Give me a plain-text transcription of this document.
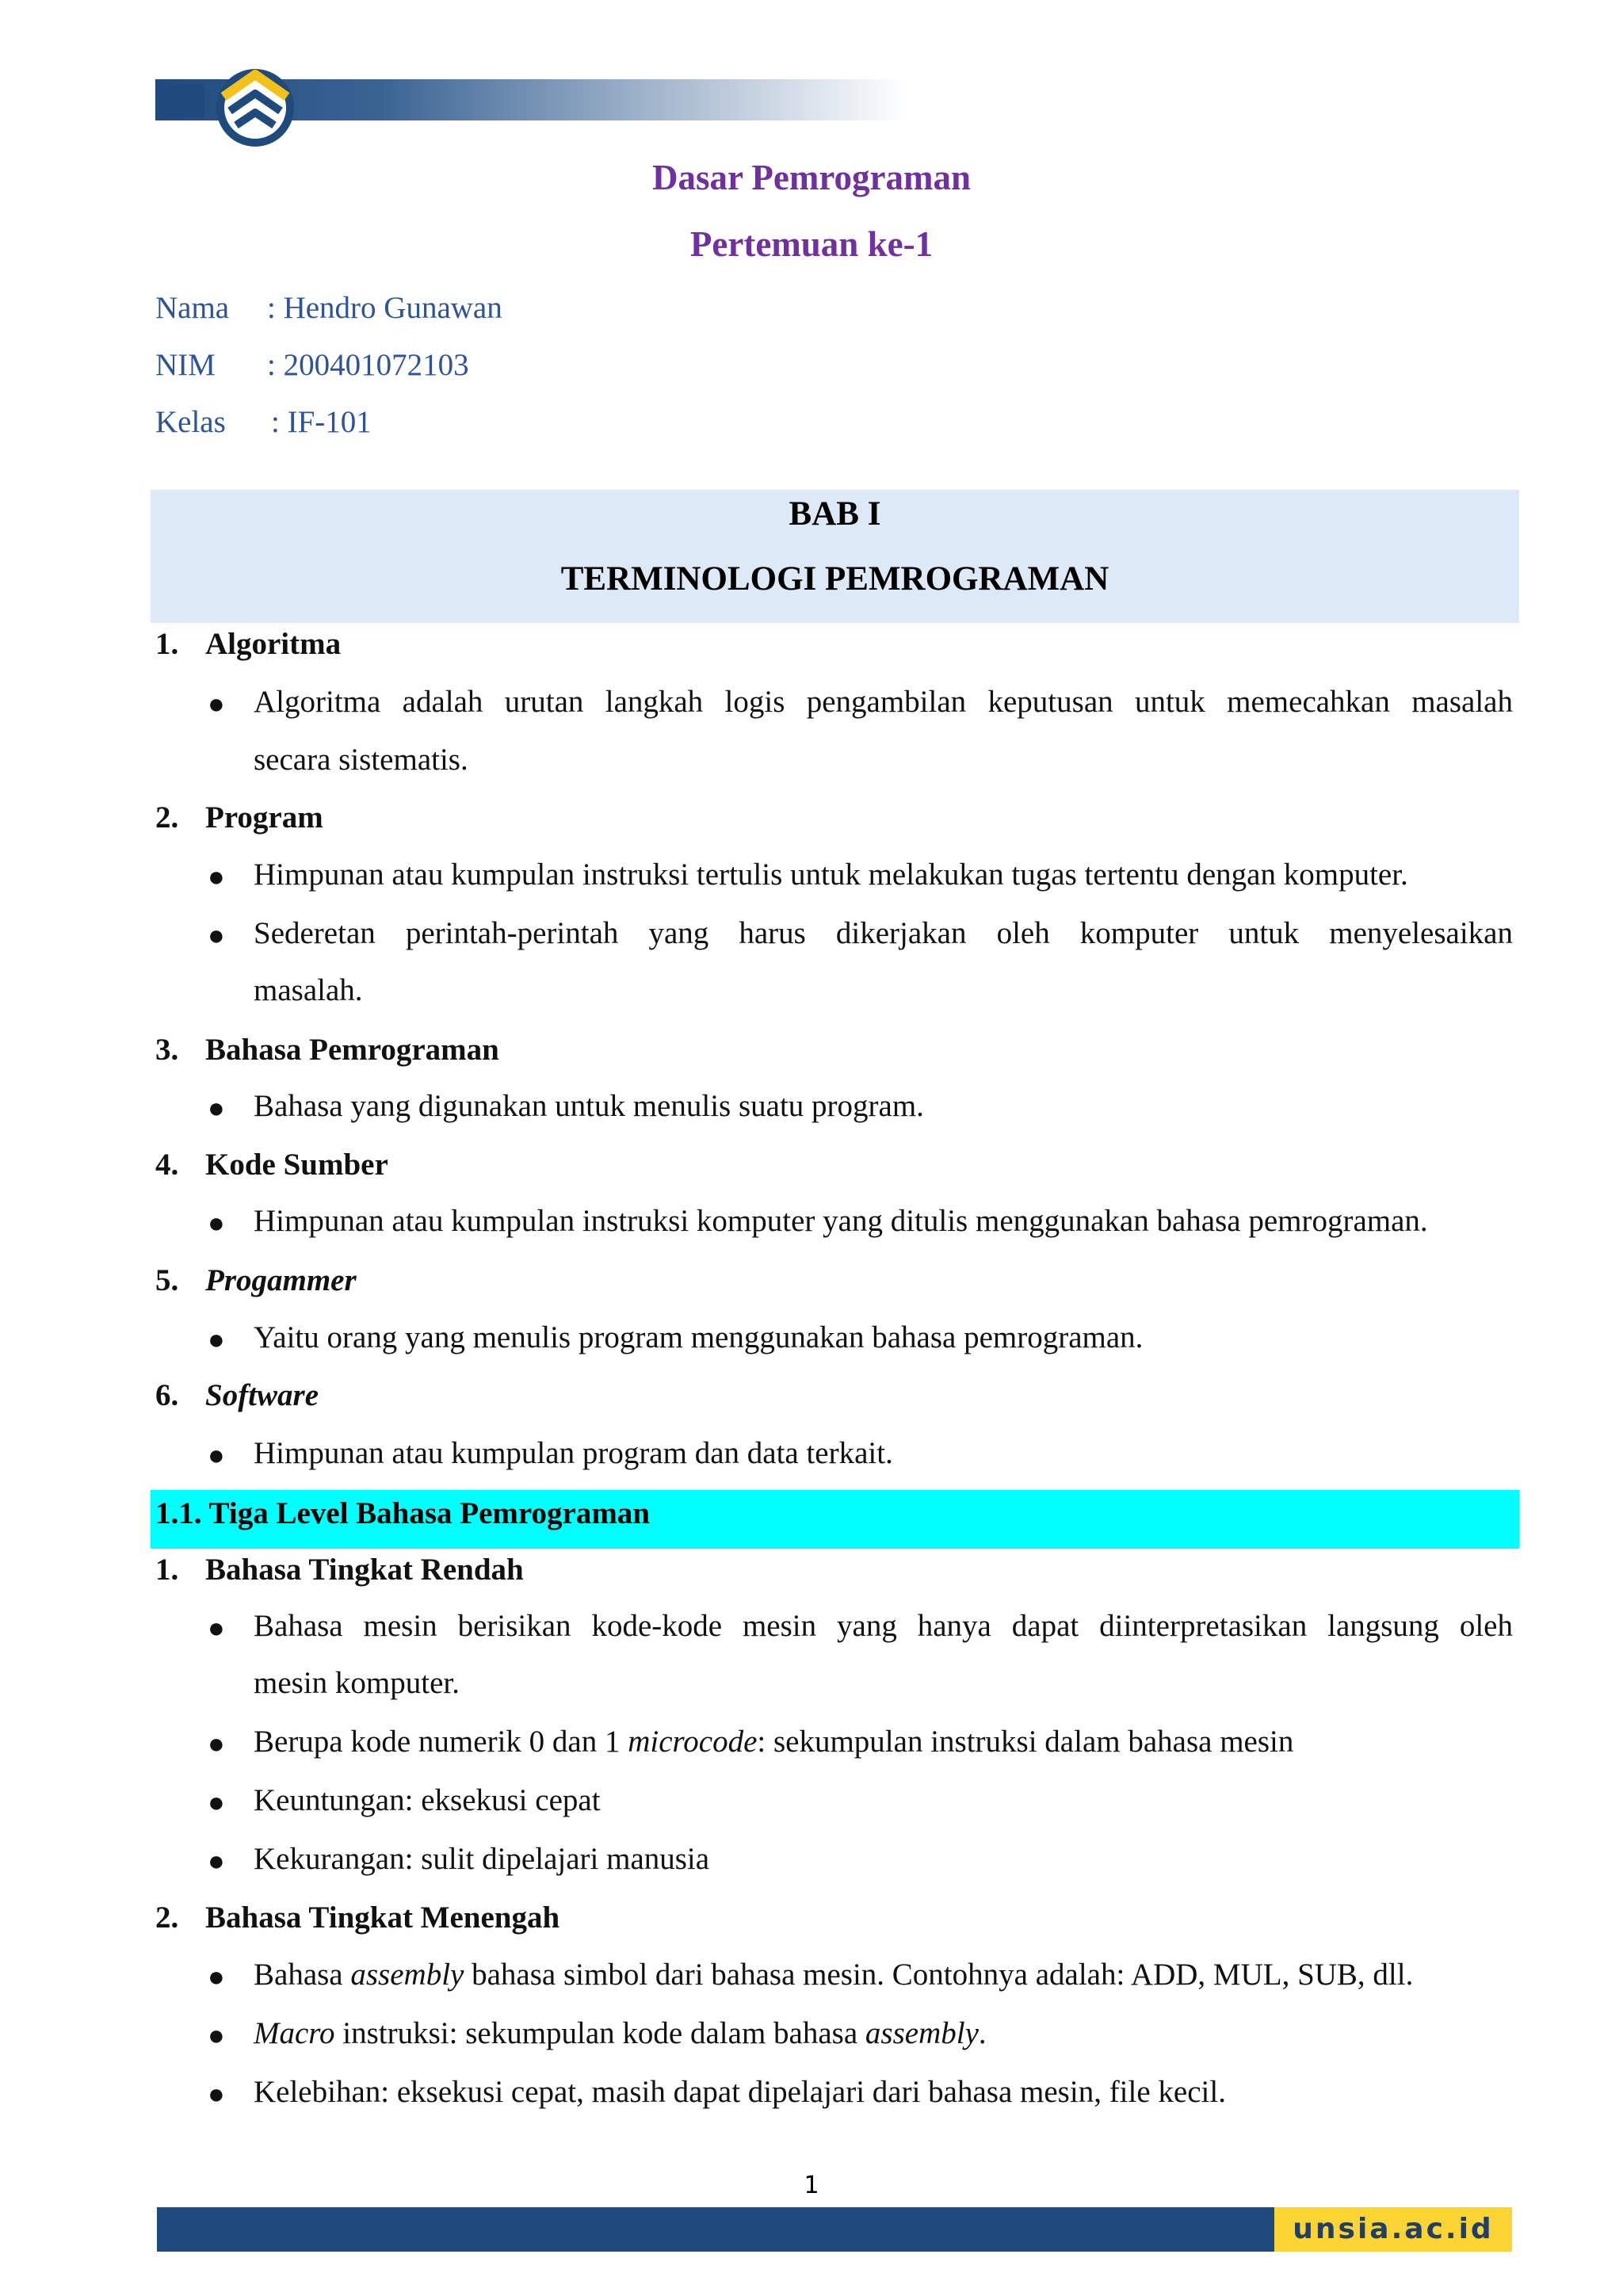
Dasar Pemrograman
Pertemuan ke-1
Nama : Hendro Gunawan
NIM : 200401072103
Kelas : IF-101
BAB I
TERMINOLOGI PEMROGRAMAN
1. Algoritma
● Algoritma adalah urutan langkah logis pengambilan keputusan untuk memecahkan masalah
secara sistematis.
2. Program
● Himpunan atau kumpulan instruksi tertulis untuk melakukan tugas tertentu dengan komputer.
● Sederetan perintah-perintah yang harus dikerjakan oleh komputer untuk menyelesaikan
masalah.
3. Bahasa Pemrograman
● Bahasa yang digunakan untuk menulis suatu program.
4. Kode Sumber
● Himpunan atau kumpulan instruksi komputer yang ditulis menggunakan bahasa pemrograman.
5. Progammer
● Yaitu orang yang menulis program menggunakan bahasa pemrograman.
6. Software
● Himpunan atau kumpulan program dan data terkait.
1.1. Tiga Level Bahasa Pemrograman
1. Bahasa Tingkat Rendah
● Bahasa mesin berisikan kode-kode mesin yang hanya dapat diinterpretasikan langsung oleh
mesin komputer.
● Berupa kode numerik 0 dan 1 microcode: sekumpulan instruksi dalam bahasa mesin
● Keuntungan: eksekusi cepat
● Kekurangan: sulit dipelajari manusia
2. Bahasa Tingkat Menengah
● Bahasa assembly bahasa simbol dari bahasa mesin. Contohnya adalah: ADD, MUL, SUB, dll.
● Macro instruksi: sekumpulan kode dalam bahasa assembly.
● Kelebihan: eksekusi cepat, masih dapat dipelajari dari bahasa mesin, file kecil.
1
unsia.ac.id
